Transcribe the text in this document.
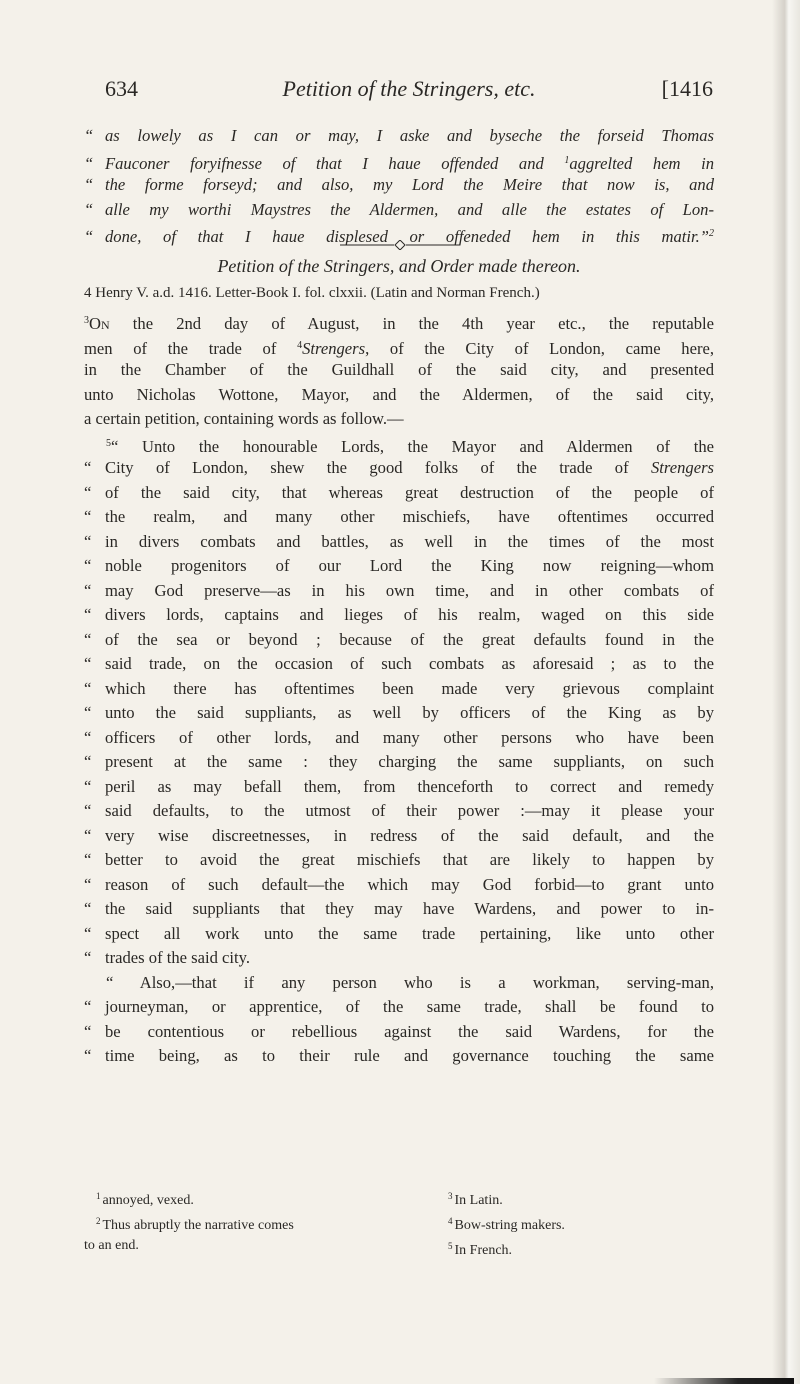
634	Petition of the Stringers, etc.	[1416
“ as lowely as I can or may, I aske and byseche the forseid Thomas
“ Fauconer foryifnesse of that I haue offended and $^1$aggrelted hem in
“ the forme forseyd; and also, my Lord the Meire that now is, and
“ alle my worthi Maystres the Aldermen, and alle the estates of Lon-
“ done, of that I haue displesed or offeneded hem in this matir.”$^2$
Petition of the Stringers, and Order made thereon.
4 Henry V. a.d. 1416. Letter-Book I. fol. clxxii. (Latin and Norman French.)
$^3$On the 2nd day of August, in the 4th year etc., the reputable
men of the trade of $^4$Strengers, of the City of London, came here,
in the Chamber of the Guildhall of the said city, and presented
unto Nicholas Wottone, Mayor, and the Aldermen, of the said city,
a certain petition, containing words as follow.—
$^5$“ Unto the honourable Lords, the Mayor and Aldermen of the
“ City of London, shew the good folks of the trade of Strengers
“ of the said city, that whereas great destruction of the people of
“ the realm, and many other mischiefs, have oftentimes occurred
“ in divers combats and battles, as well in the times of the most
“ noble progenitors of our Lord the King now reigning—whom
“ may God preserve—as in his own time, and in other combats of
“ divers lords, captains and lieges of his realm, waged on this side
“ of the sea or beyond ; because of the great defaults found in the
“ said trade, on the occasion of such combats as aforesaid ; as to the
“ which there has oftentimes been made very grievous complaint
“ unto the said suppliants, as well by officers of the King as by
“ officers of other lords, and many other persons who have been
“ present at the same : they charging the same suppliants, on such
“ peril as may befall them, from thenceforth to correct and remedy
“ said defaults, to the utmost of their power :—may it please your
“ very wise discreetnesses, in redress of the said default, and the
“ better to avoid the great mischiefs that are likely to happen by
“ reason of such default—the which may God forbid—to grant unto
“ the said suppliants that they may have Wardens, and power to in-
“ spect all work unto the same trade pertaining, like unto other
“ trades of the said city.
“ Also,—that if any person who is a workman, serving-man,
“ journeyman, or apprentice, of the same trade, shall be found to
“ be contentious or rebellious against the said Wardens, for the
“ time being, as to their rule and governance touching the same
$^1$ annoyed, vexed.
$^2$ Thus abruptly the narrative comes
to an end.
$^3$ In Latin.
$^4$ Bow-string makers.
$^5$ In French.
